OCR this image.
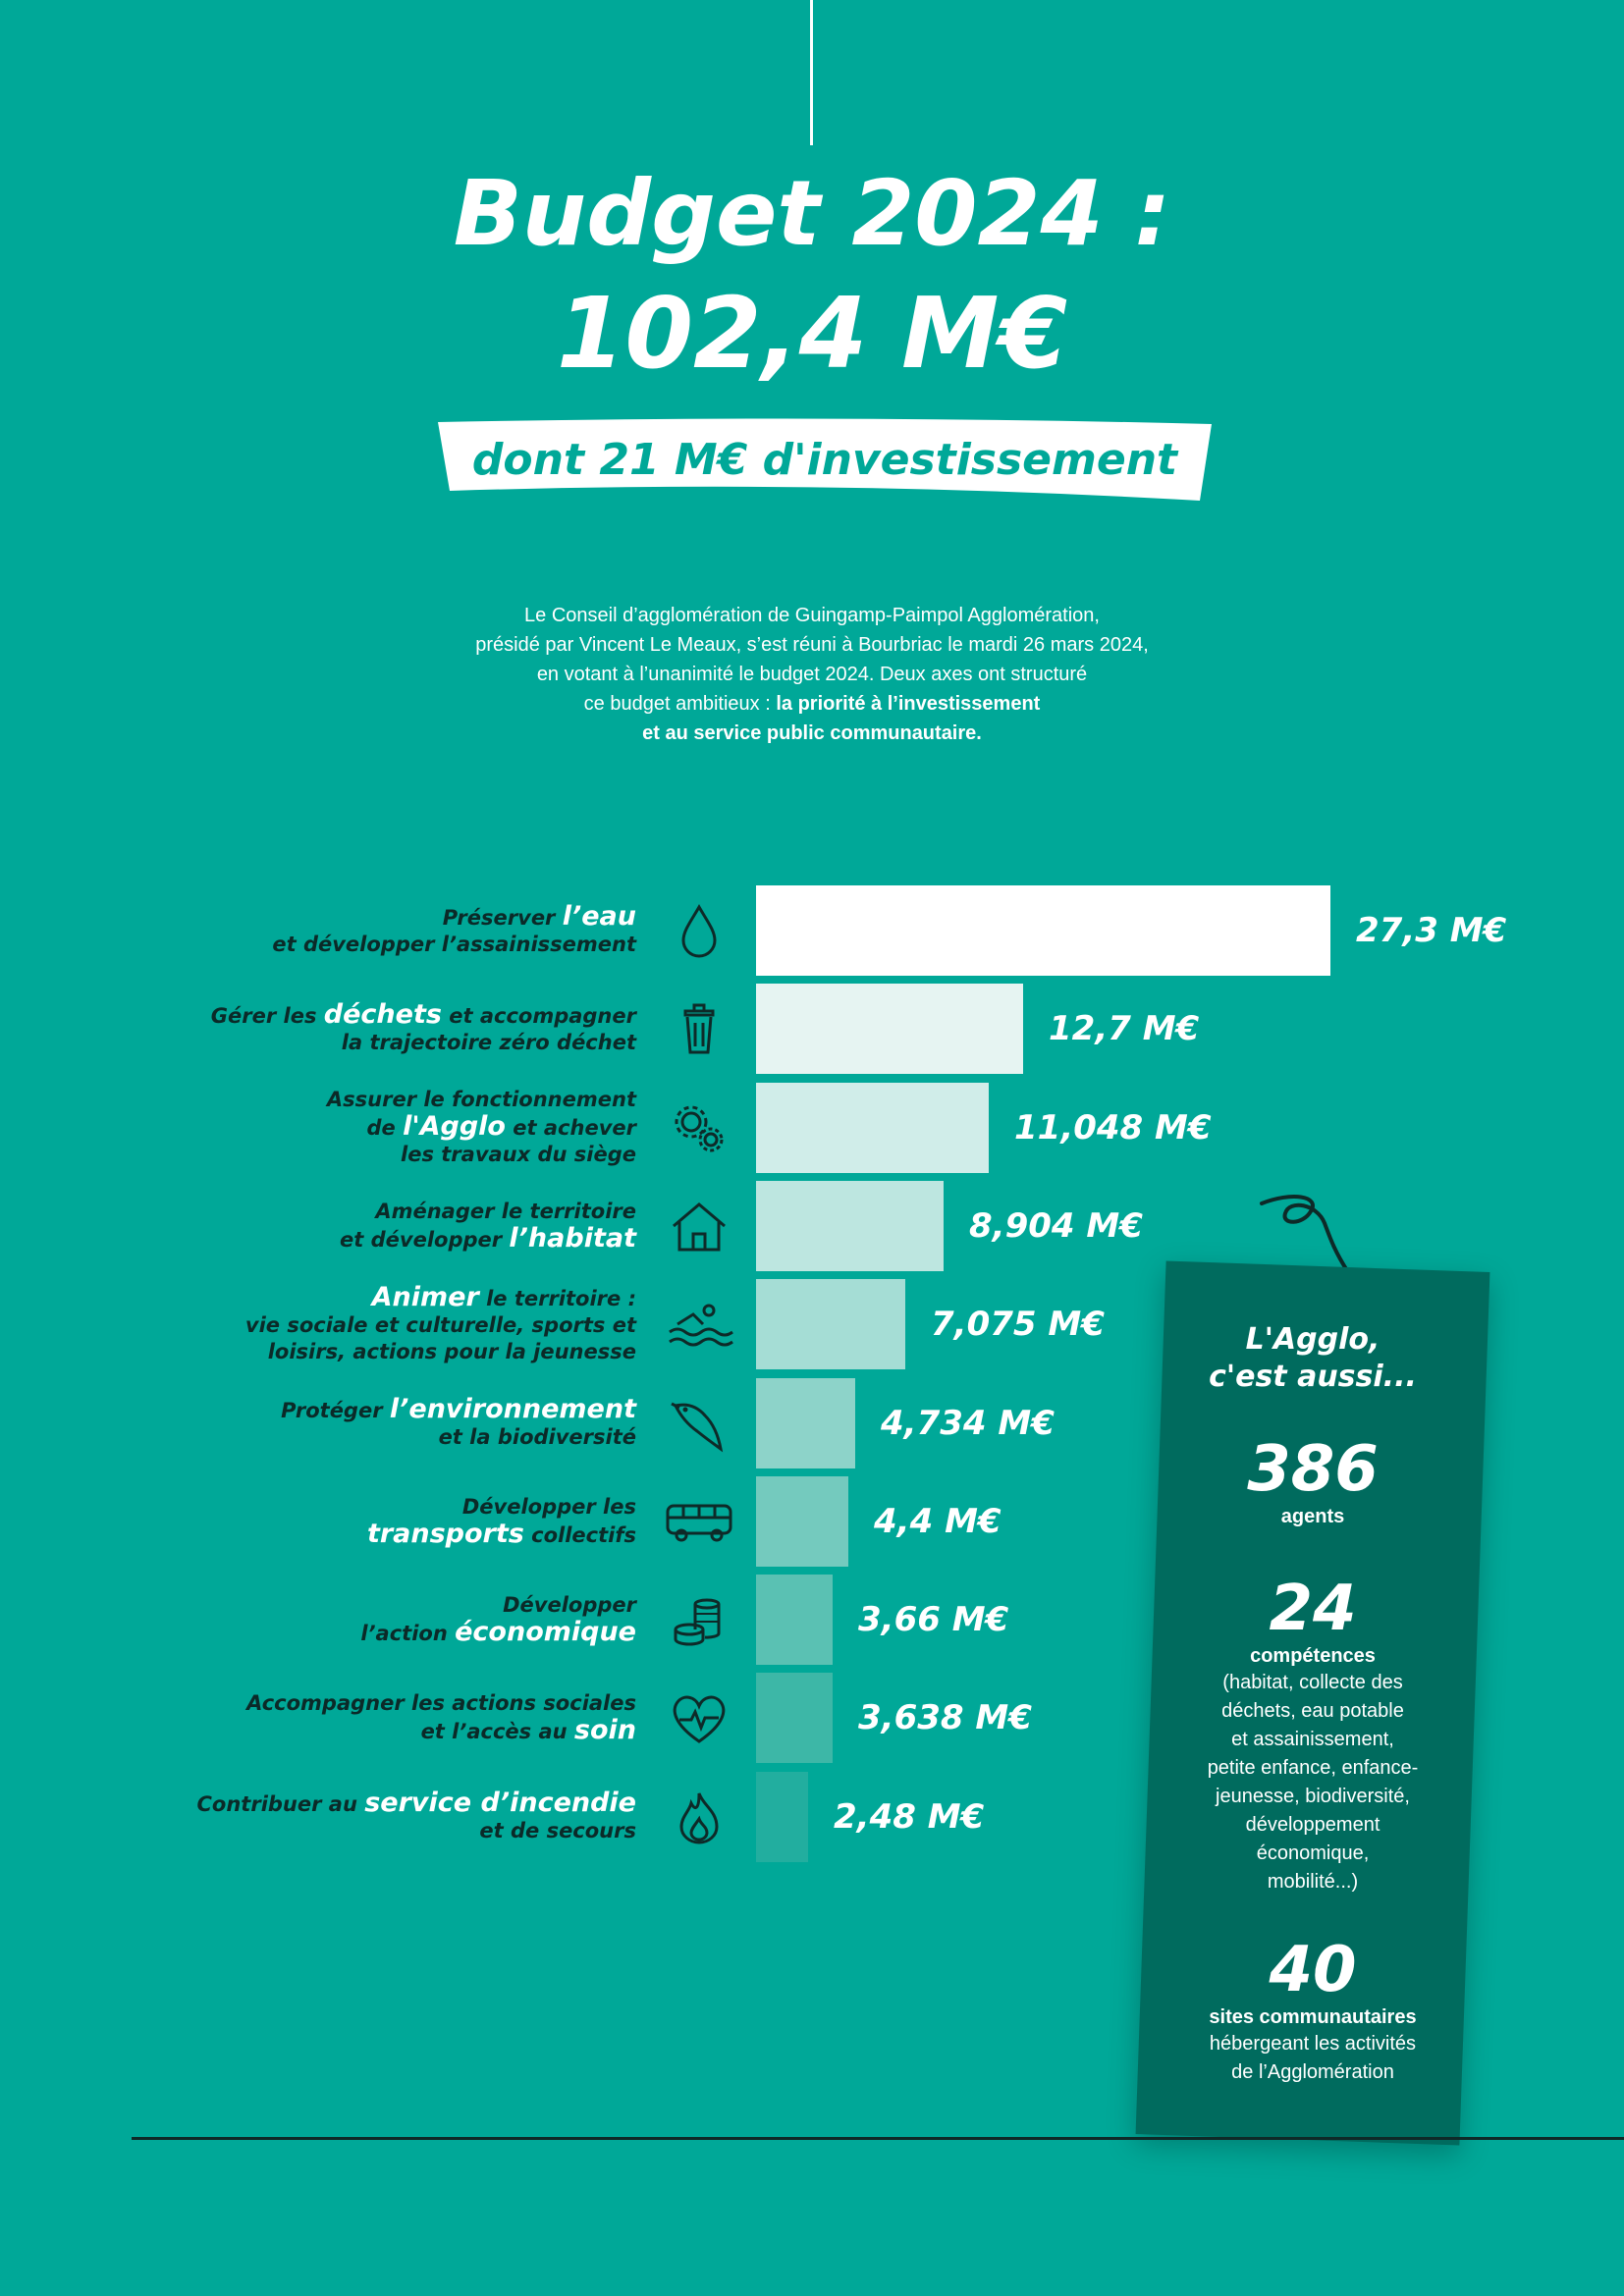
Budget 2024 :
102,4 M€
dont 21 M€ d'investissement
Le Conseil d’agglomération de Guingamp-Paimpol Agglomération,
présidé par Vincent Le Meaux, s’est réuni à Bourbriac le mardi 26 mars 2024,
en votant à l’unanimité le budget 2024. Deux axes ont structuré
ce budget ambitieux : la priorité à l’investissement
et au service public communautaire.
Préserver l’eau
et développer l’assainissement	27,3 M€
Gérer les déchets et accompagner
la trajectoire zéro déchet	12,7 M€
Assurer le fonctionnement
de l'Agglo et achever
les travaux du siège
11,048 M€
Aménager le territoire
et développer l’habitat	8,904 M€
Animer le territoire :
vie sociale et culturelle, sports et
loisirs, actions pour la jeunesse
7,075 M€
Protéger l’environnement
et la biodiversité	4,734 M€
Développer les
transports collectifs	4,4 M€
Développer
l’action économique	3,66 M€
Accompagner les actions sociales
et l’accès au soin	3,638 M€
Contribuer au service d’incendie
et de secours	2,48 M€
L'Agglo,
c'est aussi...
386
agents
24
compétences
(habitat, collecte des
déchets, eau potable
et assainissement,
petite enfance, enfance-
jeunesse, biodiversité,
développement
économique,
mobilité...)
40
sites communautaires
hébergeant les activités
de l’Agglomération
